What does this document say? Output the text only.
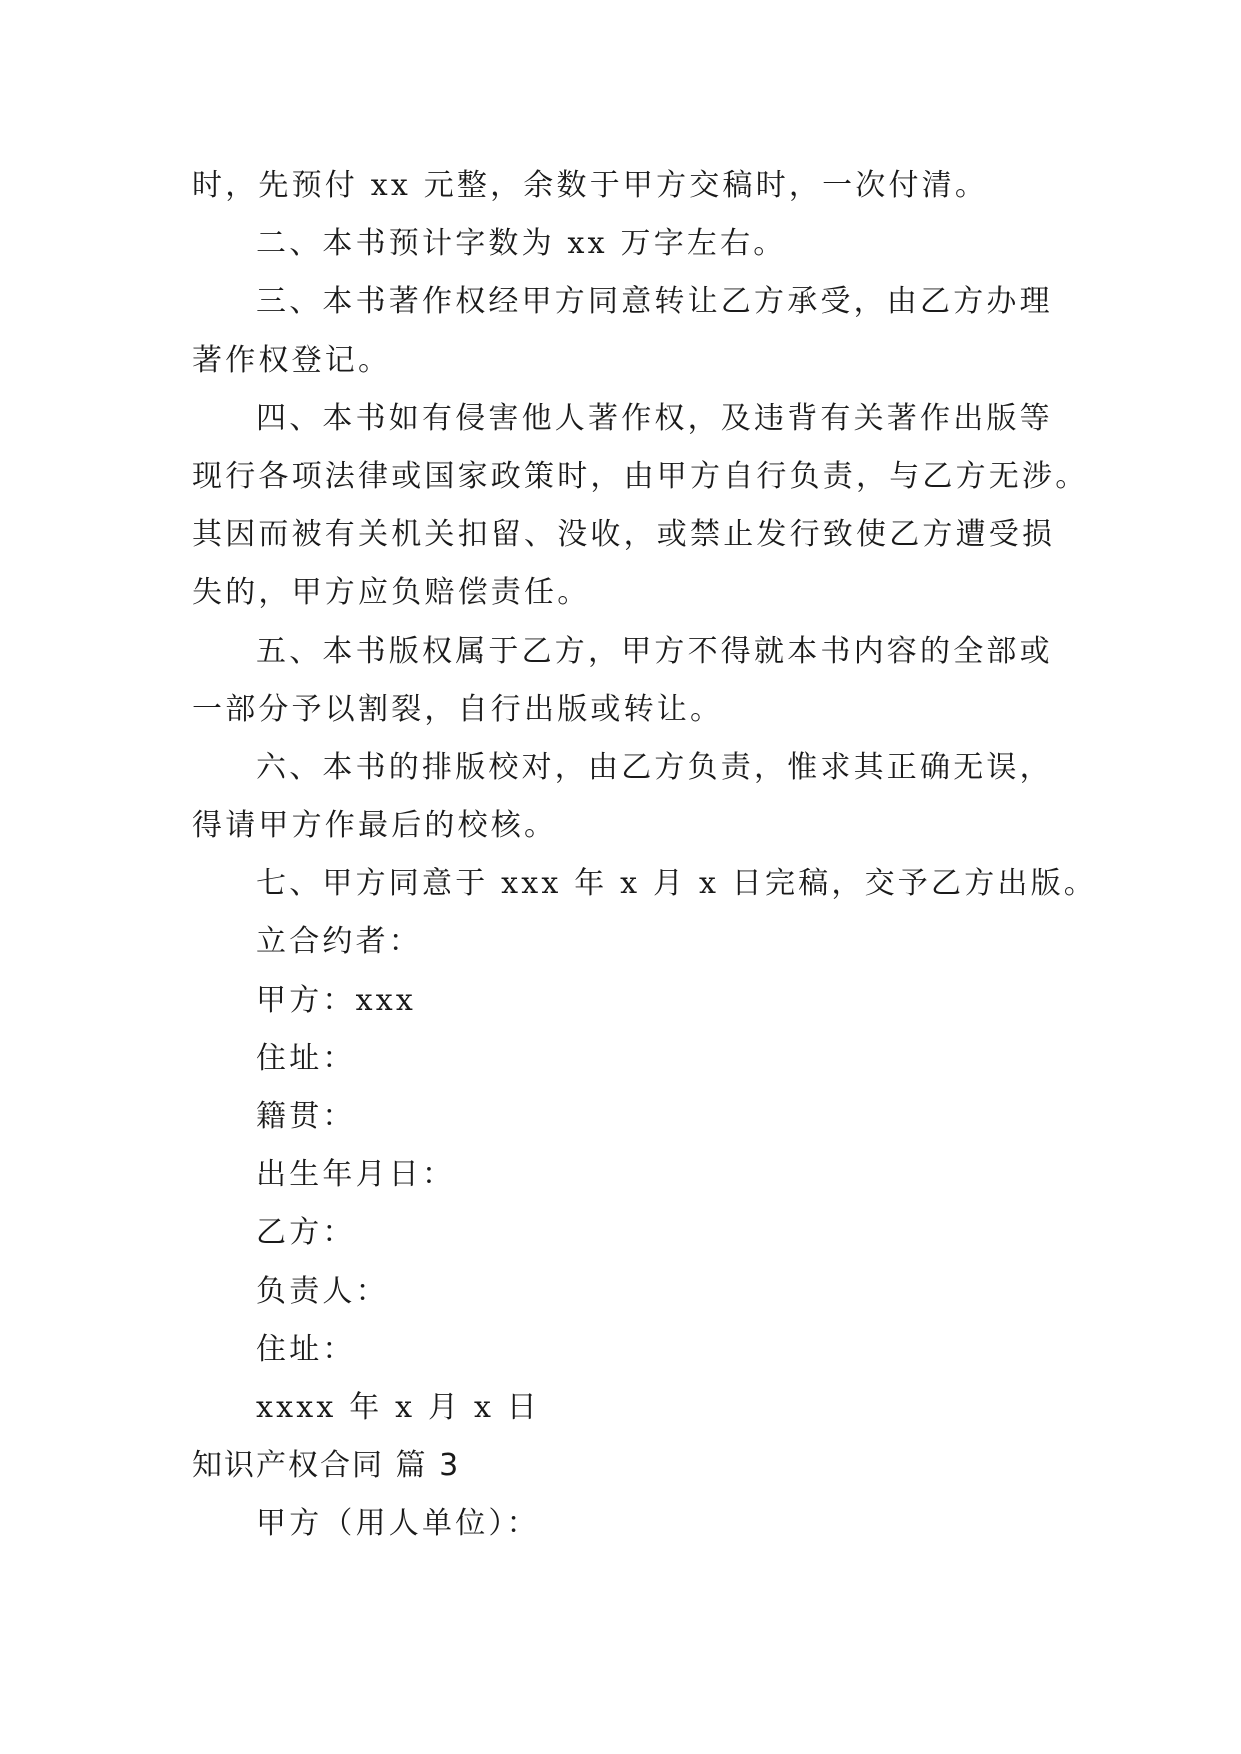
时，先预付 xx 元整，余数于甲方交稿时，一次付清。
二、本书预计字数为 xx 万字左右。
三、本书著作权经甲方同意转让乙方承受，由乙方办理
著作权登记。
四、本书如有侵害他人著作权，及违背有关著作出版等
现行各项法律或国家政策时，由甲方自行负责，与乙方无涉。
其因而被有关机关扣留、没收，或禁止发行致使乙方遭受损
失的，甲方应负赔偿责任。
五、本书版权属于乙方，甲方不得就本书内容的全部或
一部分予以割裂，自行出版或转让。
六、本书的排版校对，由乙方负责，惟求其正确无误，
得请甲方作最后的校核。
七、甲方同意于 xxx 年 x 月 x 日完稿，交予乙方出版。
立合约者：
甲方：xxx
住址：
籍贯：
出生年月日：
乙方：
负责人：
住址：
xxxx 年 x 月 x 日
知识产权合同 篇 3
甲方（用人单位）：
